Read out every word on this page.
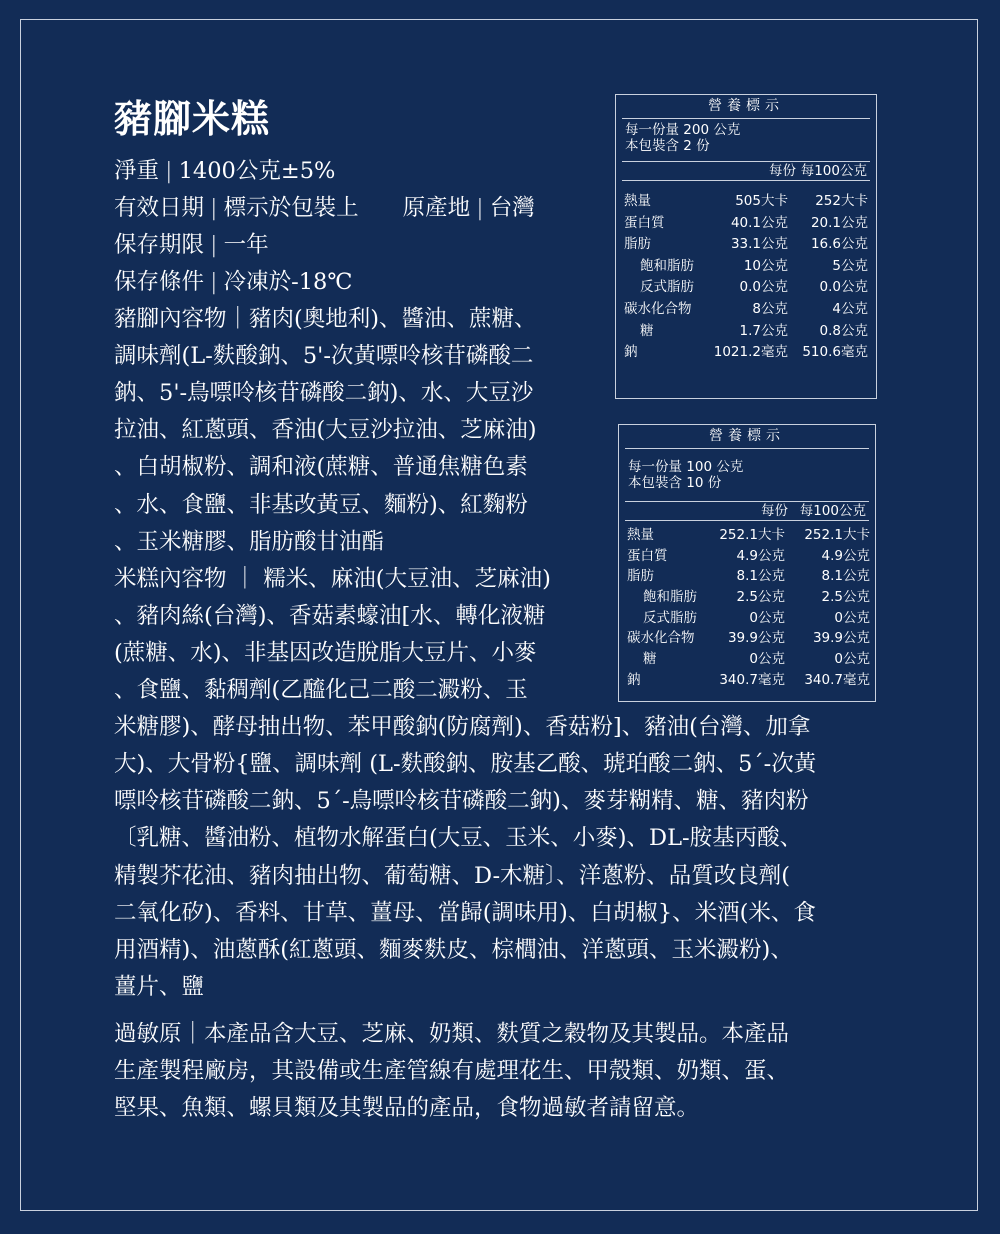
豬腳米糕
淨重 | 1400公克±5%
有效日期 | 標示於包裝上 原產地 | 台灣
保存期限 | 一年
保存條件 | 冷凍於-18℃
豬腳內容物｜豬肉(奧地利)、醬油、蔗糖、
調味劑(L-麩酸鈉、5'-次黃嘌呤核苷磷酸二
鈉、5'-鳥嘌呤核苷磷酸二鈉)、水、大豆沙
拉油、紅蔥頭、香油(大豆沙拉油、芝麻油)
、白胡椒粉、調和液(蔗糖、普通焦糖色素
、水、食鹽、非基改黃豆、麵粉)、紅麴粉
、玉米糖膠、脂肪酸甘油酯
米糕內容物 ｜ 糯米、麻油(大豆油、芝麻油)
、豬肉絲(台灣)、香菇素蠔油[水、轉化液糖
(蔗糖、水)、非基因改造脫脂大豆片、小麥
、食鹽、黏稠劑(乙醯化己二酸二澱粉、玉
米糖膠)、酵母抽出物、苯甲酸鈉(防腐劑)、香菇粉]、豬油(台灣、加拿
大)、大骨粉{鹽、調味劑 (L-麩酸鈉、胺基乙酸、琥珀酸二鈉、5´-次黃
嘌呤核苷磷酸二鈉、5´-鳥嘌呤核苷磷酸二鈉)、麥芽糊精、糖、豬肉粉
〔乳糖、醬油粉、植物水解蛋白(大豆、玉米、小麥)、DL-胺基丙酸、
精製芥花油、豬肉抽出物、葡萄糖、D-木糖〕、洋蔥粉、品質改良劑(
二氧化矽)、香料、甘草、薑母、當歸(調味用)、白胡椒}、米酒(米、食
用酒精)、油蔥酥(紅蔥頭、麵麥麩皮、棕櫚油、洋蔥頭、玉米澱粉)、
薑片、鹽
過敏原｜本產品含大豆、芝麻、奶類、麩質之穀物及其製品。本產品
生產製程廠房，其設備或生產管線有處理花生、甲殼類、奶類、蛋、
堅果、魚類、螺貝類及其製品的產品，食物過敏者請留意。
營養標示
每一份量 200 公克
本包裝含 2 份
每份 每100公克
熱量	505大卡 252大卡
蛋白質	40.1公克 20.1公克
脂肪	33.1公克 16.6公克
飽和脂肪	10公克	5公克
反式脂肪	0.0公克 0.0公克
碳水化合物	8公克	4公克
糖	1.7公克 0.8公克
鈉	1021.2毫克 510.6毫克
營養標示
每一份量 100 公克
本包裝含 10 份
每份 每100公克
熱量	252.1大卡 252.1大卡
蛋白質	4.9公克	4.9公克
脂肪	8.1公克	8.1公克
飽和脂肪	2.5公克	2.5公克
反式脂肪	0公克	0公克
碳水化合物 39.9公克 39.9公克
糖	0公克	0公克
鈉	340.7毫克 340.7毫克
